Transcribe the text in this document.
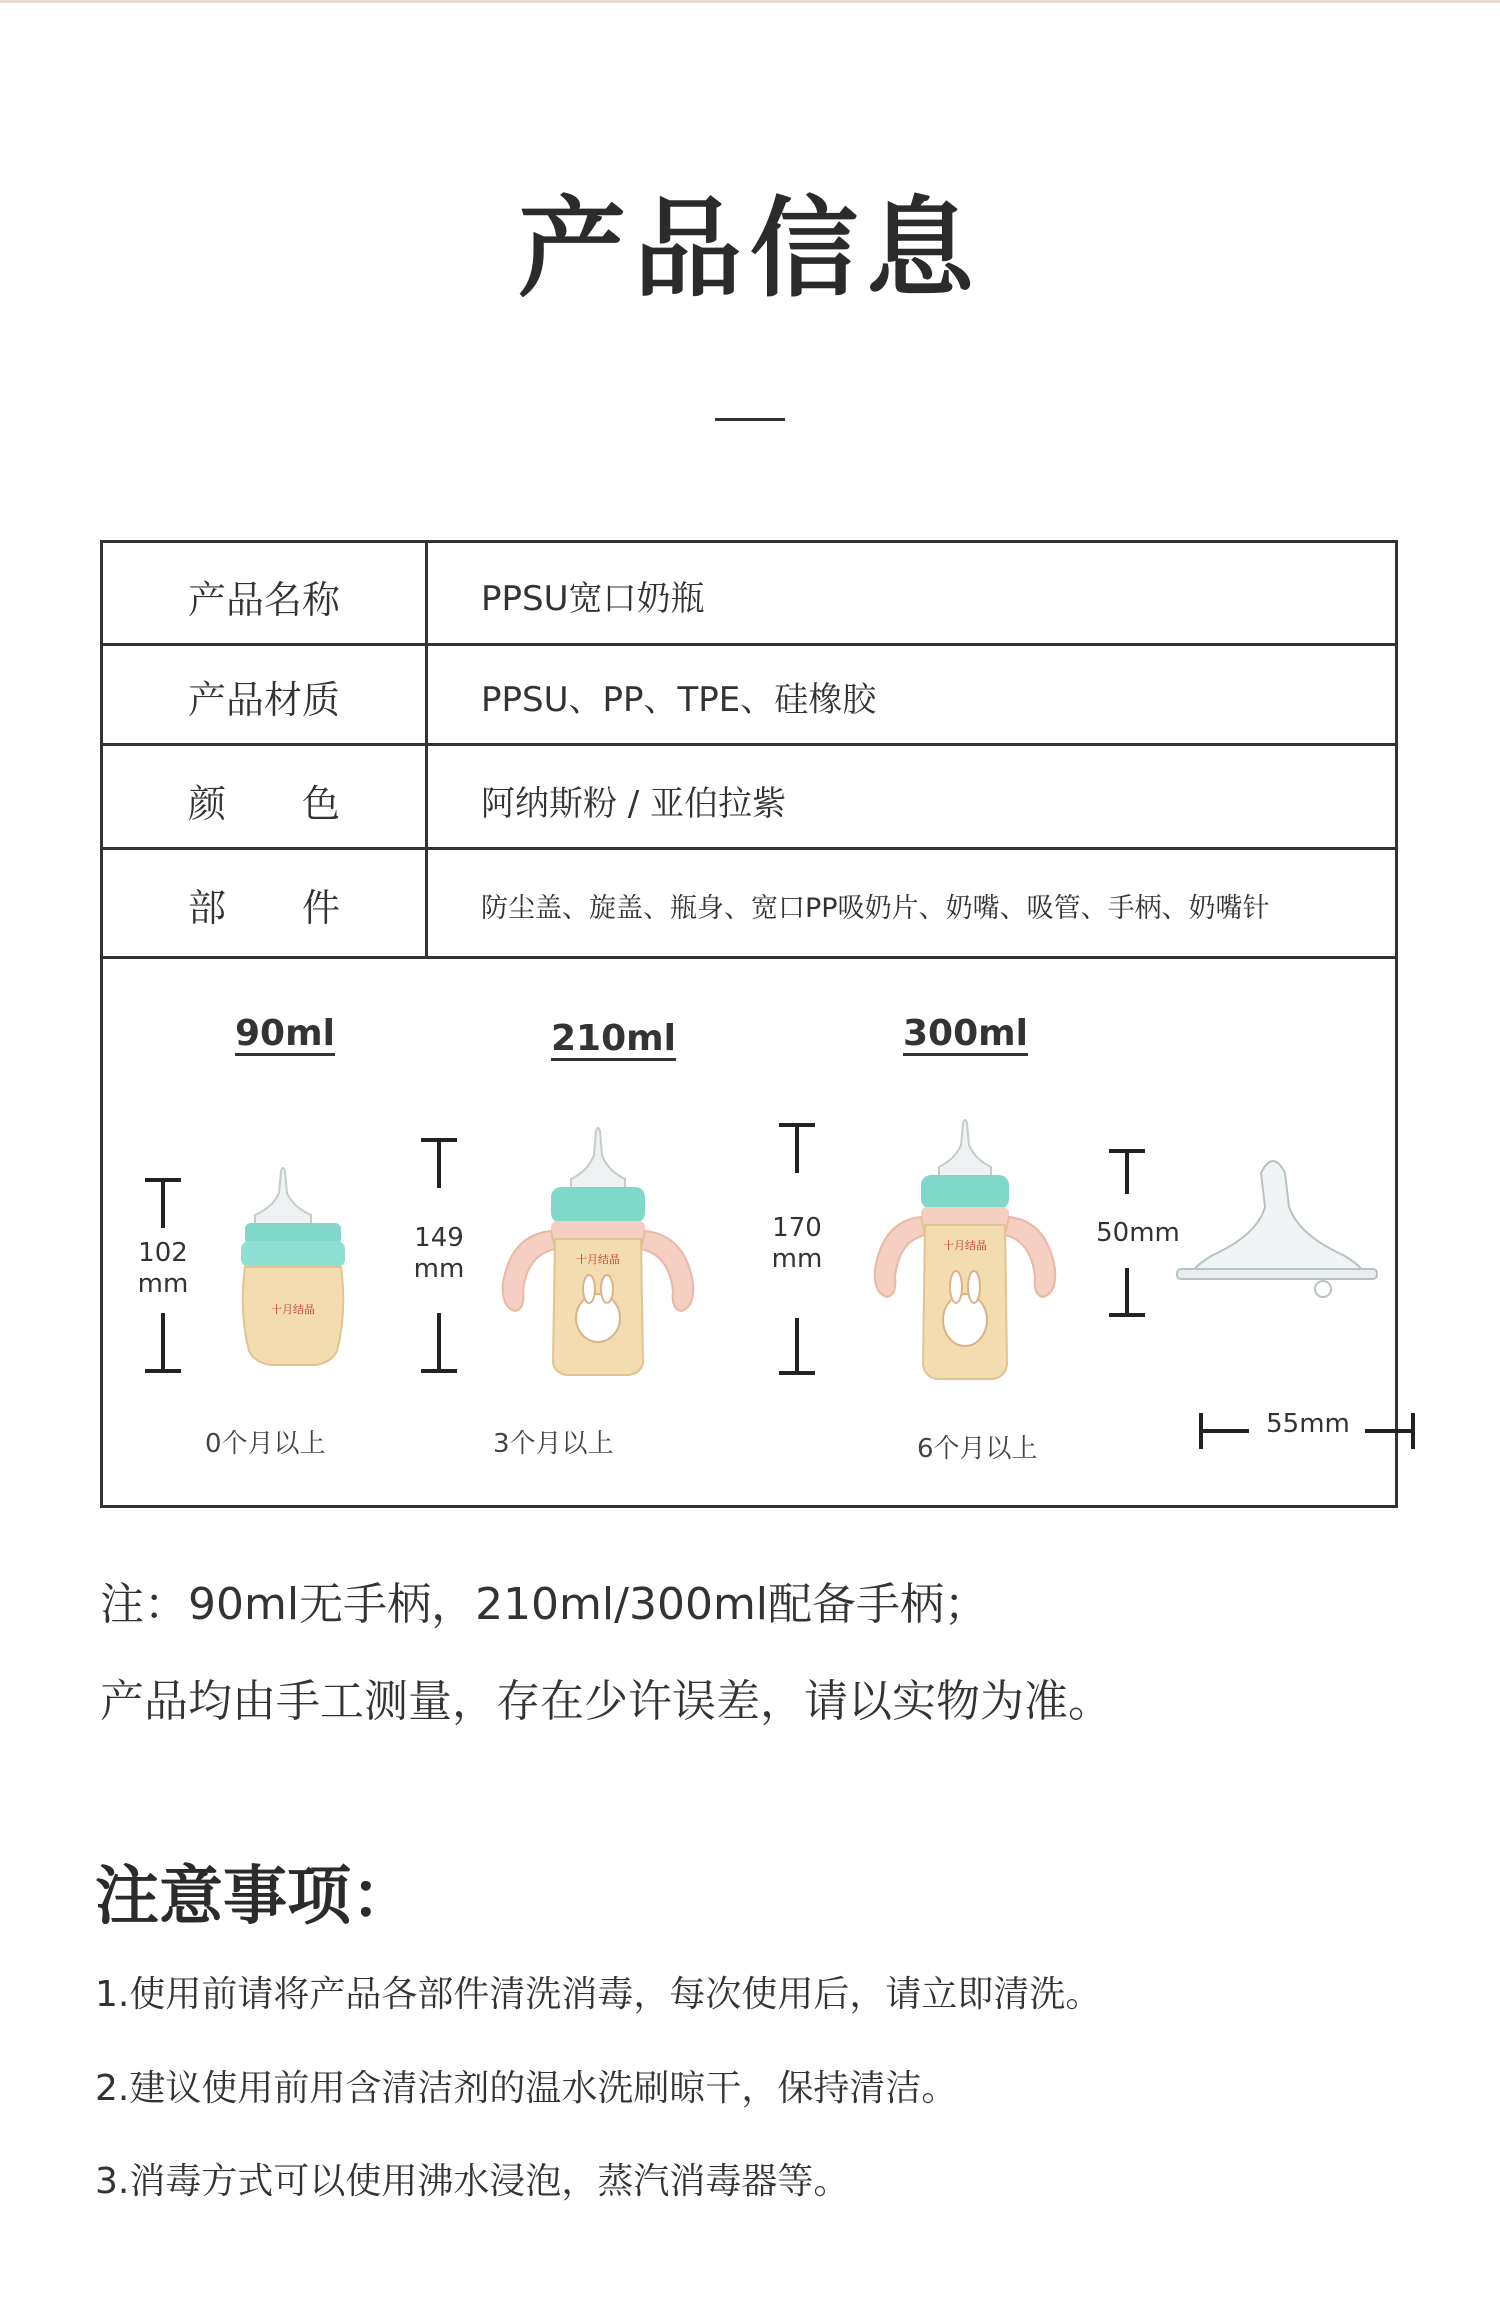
产品信息
产品名称	PPSU宽口奶瓶
产品材质	PPSU、PP、TPE、硅橡胶
颜　　色	阿纳斯粉 / 亚伯拉紫
部　　件	防尘盖、旋盖、瓶身、宽口PP吸奶片、奶嘴、吸管、手柄、奶嘴针
90ml
102
mm
十月结晶
0个月以上
210ml
149
mm	十月结晶
3个月以上
300ml
170
mm	十月结晶
6个月以上
50mm
55mm
注：90ml无手柄，210ml/300ml配备手柄；
产品均由手工测量，存在少许误差，请以实物为准。
注意事项：
1.使用前请将产品各部件清洗消毒，每次使用后，请立即清洗。
2.建议使用前用含清洁剂的温水洗刷晾干，保持清洁。
3.消毒方式可以使用沸水浸泡，蒸汽消毒器等。
